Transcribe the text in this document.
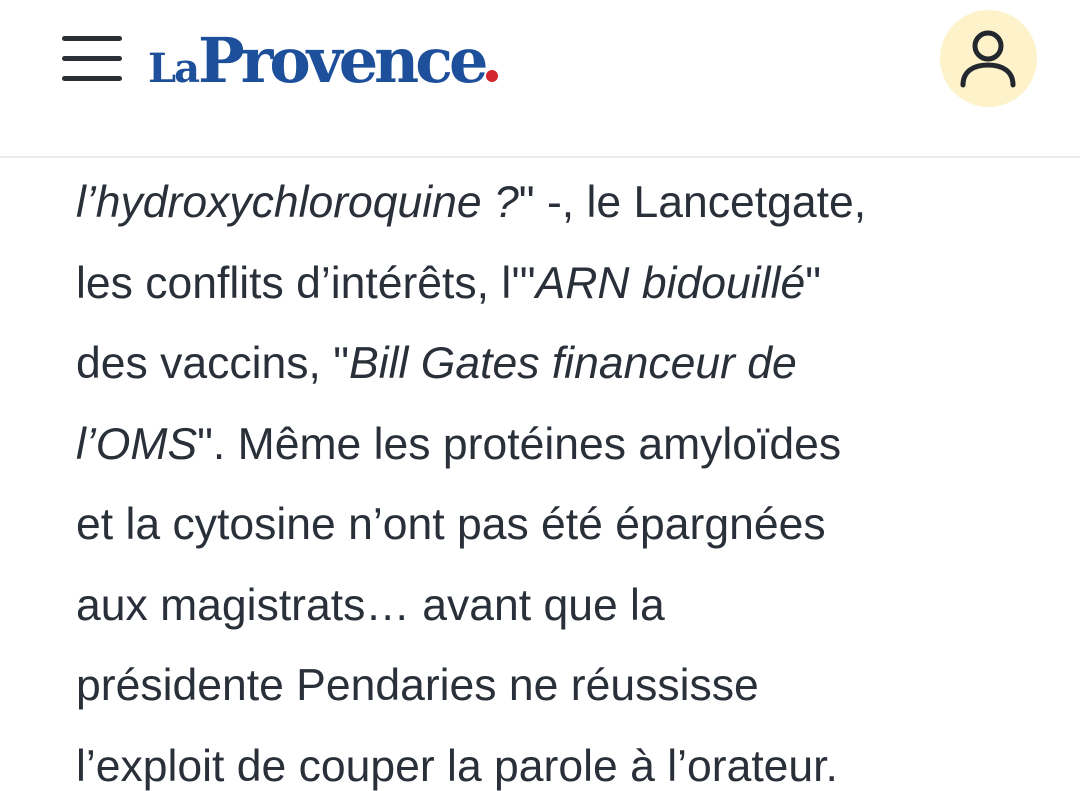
LaProvence

l’hydroxychloroquine ?" -, le Lancetgate,
les conflits d’intérêts, l'"ARN bidouillé"
des vaccins, "Bill Gates financeur de
l’OMS". Même les protéines amyloïdes
et la cytosine n’ont pas été épargnées
aux magistrats… avant que la
présidente Pendaries ne réussisse
l’exploit de couper la parole à l’orateur.
